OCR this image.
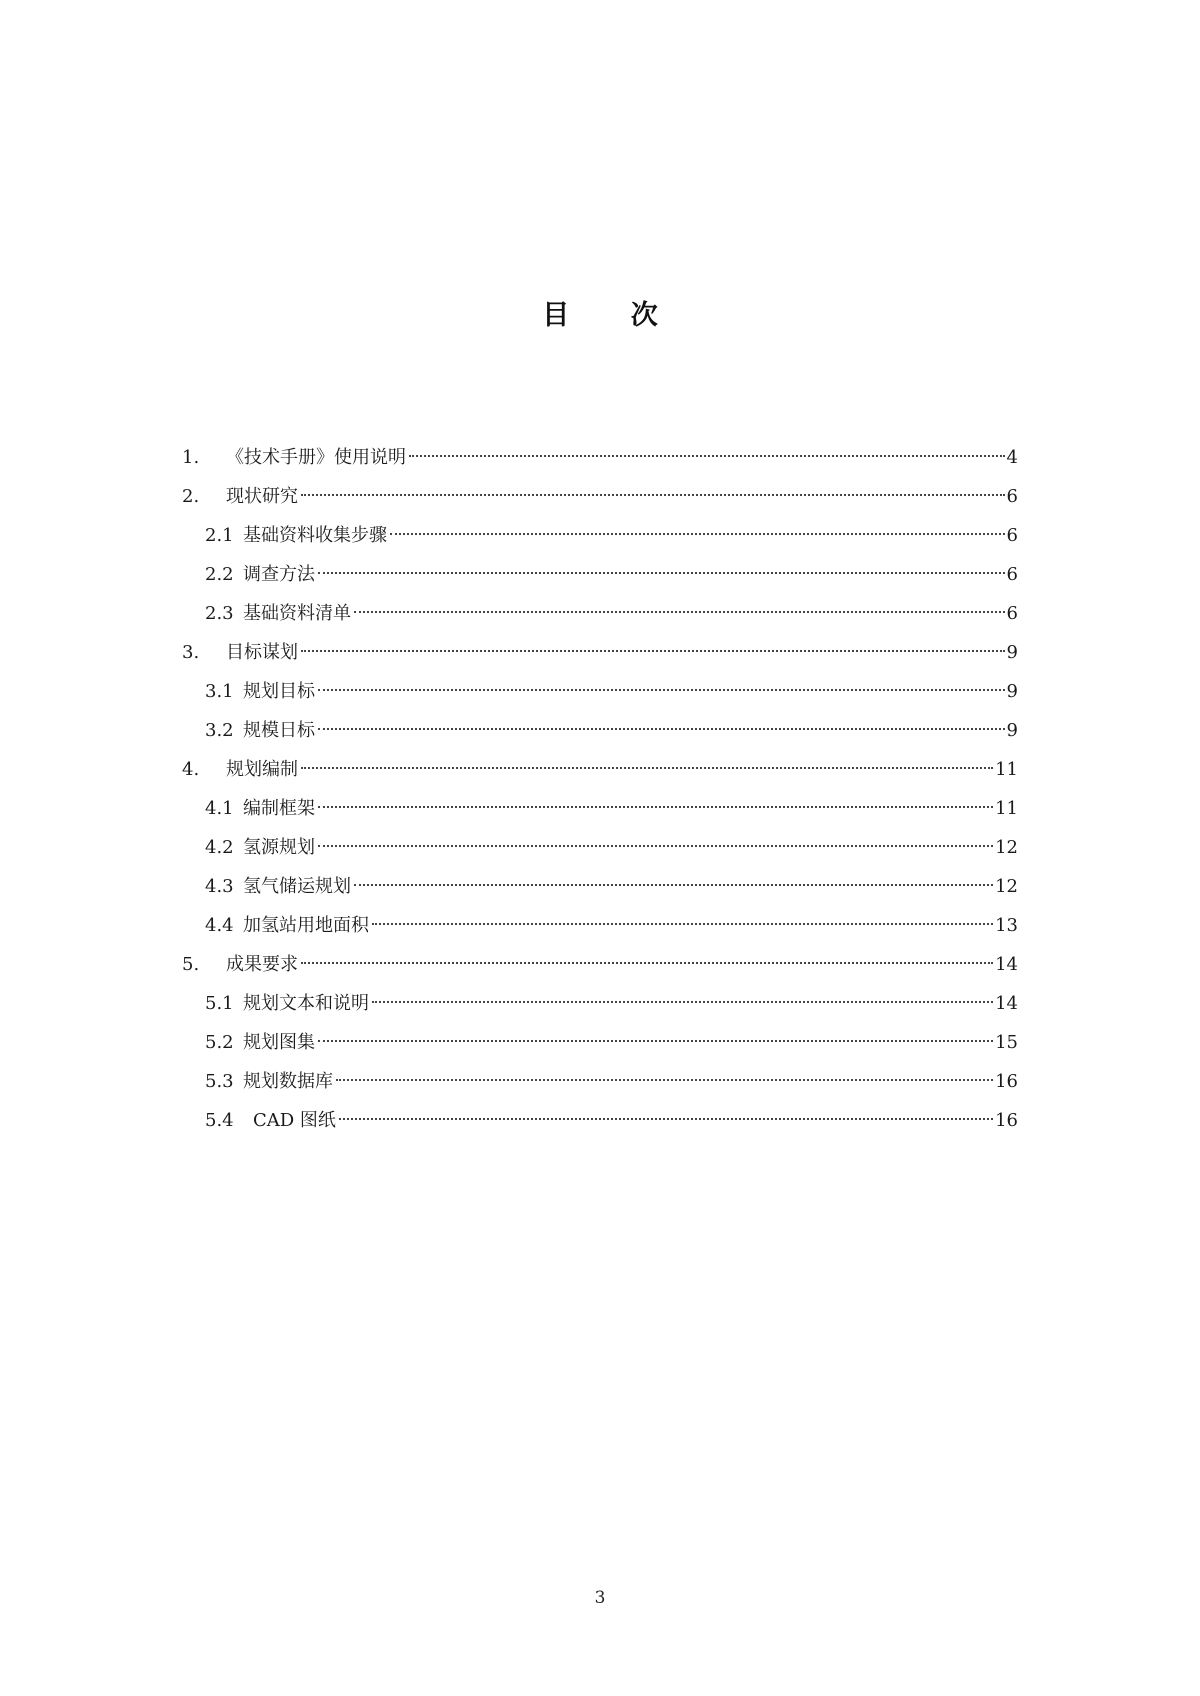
目 次
1.	《技术手册》使用说明	4
2.	现状研究	6
2.1 基础资料收集步骤	6
2.2 调查方法	6
2.3 基础资料清单	6
3.	目标谋划	9
3.1 规划目标	9
3.2 规模日标	9
4.	规划编制	11
4.1 编制框架	11
4.2 氢源规划	12
4.3 氢气储运规划	12
4.4 加氢站用地面积	13
5.	成果要求	14
5.1 规划文本和说明	14
5.2 规划图集	15
5.3 规划数据库	16
5.4	CAD 图纸	16
3
